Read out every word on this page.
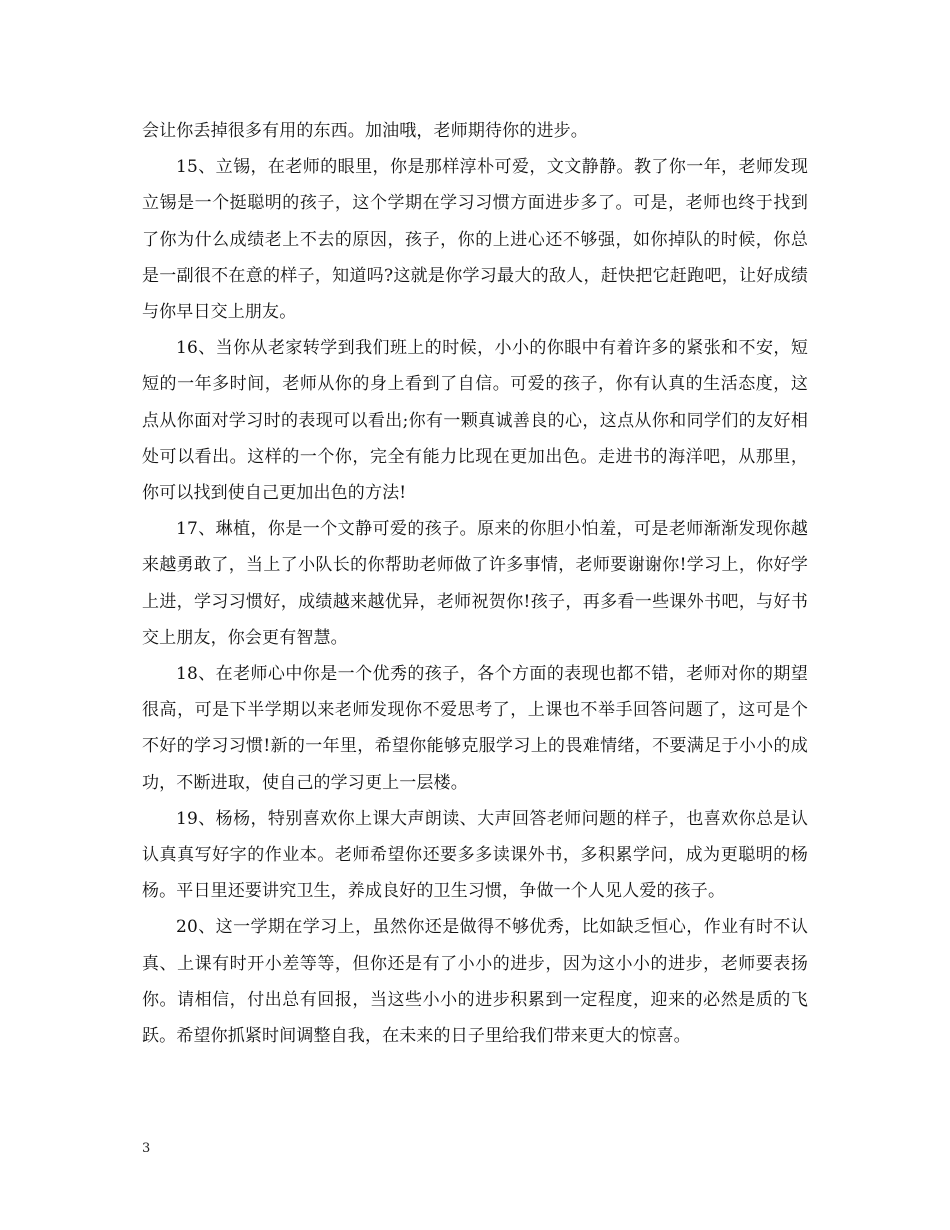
会让你丢掉很多有用的东西。加油哦，老师期待你的进步。

15、立锡，在老师的眼里，你是那样淳朴可爱，文文静静。教了你一年，老师发现立锡是一个挺聪明的孩子，这个学期在学习习惯方面进步多了。可是，老师也终于找到了你为什么成绩老上不去的原因，孩子，你的上进心还不够强，如你掉队的时候，你总是一副很不在意的样子，知道吗?这就是你学习最大的敌人，赶快把它赶跑吧，让好成绩与你早日交上朋友。

16、当你从老家转学到我们班上的时候，小小的你眼中有着许多的紧张和不安，短短的一年多时间，老师从你的身上看到了自信。可爱的孩子，你有认真的生活态度，这点从你面对学习时的表现可以看出;你有一颗真诚善良的心，这点从你和同学们的友好相处可以看出。这样的一个你，完全有能力比现在更加出色。走进书的海洋吧，从那里，你可以找到使自己更加出色的方法!

17、琳植，你是一个文静可爱的孩子。原来的你胆小怕羞，可是老师渐渐发现你越来越勇敢了，当上了小队长的你帮助老师做了许多事情，老师要谢谢你!学习上，你好学上进，学习习惯好，成绩越来越优异，老师祝贺你!孩子，再多看一些课外书吧，与好书交上朋友，你会更有智慧。

18、在老师心中你是一个优秀的孩子，各个方面的表现也都不错，老师对你的期望很高，可是下半学期以来老师发现你不爱思考了，上课也不举手回答问题了，这可是个不好的学习习惯!新的一年里，希望你能够克服学习上的畏难情绪，不要满足于小小的成功，不断进取，使自己的学习更上一层楼。

19、杨杨，特别喜欢你上课大声朗读、大声回答老师问题的样子，也喜欢你总是认认真真写好字的作业本。老师希望你还要多多读课外书，多积累学问，成为更聪明的杨杨。平日里还要讲究卫生，养成良好的卫生习惯，争做一个人见人爱的孩子。

20、这一学期在学习上，虽然你还是做得不够优秀，比如缺乏恒心，作业有时不认真、上课有时开小差等等，但你还是有了小小的进步，因为这小小的进步，老师要表扬你。请相信，付出总有回报，当这些小小的进步积累到一定程度，迎来的必然是质的飞跃。希望你抓紧时间调整自我，在未来的日子里给我们带来更大的惊喜。

3
